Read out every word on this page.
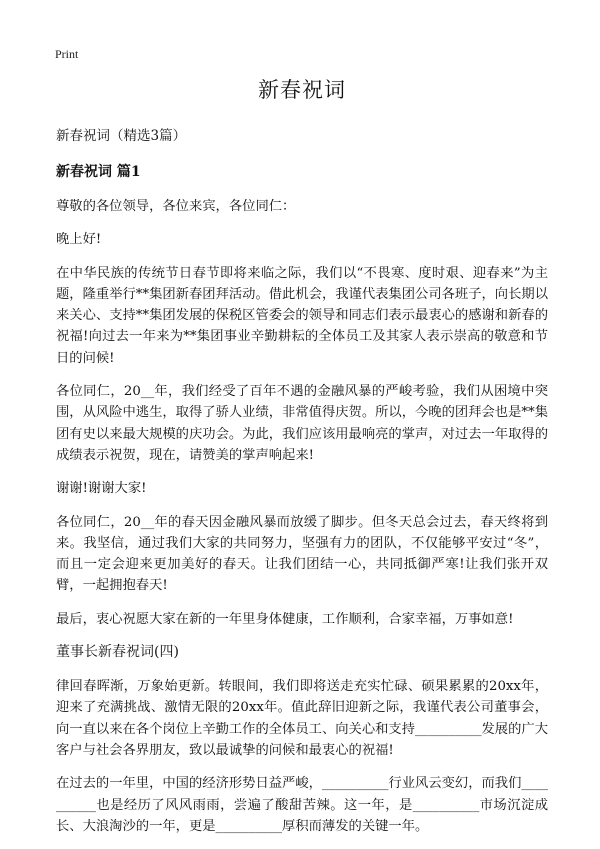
Print
新春祝词
新春祝词（精选3篇）
新春祝词 篇1

尊敬的各位领导，各位来宾，各位同仁：

晚上好!

在中华民族的传统节日春节即将来临之际，我们以“不畏寒、度时艰、迎春来”为主题，隆重举行**集团新春团拜活动。借此机会，我谨代表集团公司各班子，向长期以来关心、支持**集团发展的保税区管委会的领导和同志们表示最衷心的感谢和新春的祝福!向过去一年来为**集团事业辛勤耕耘的全体员工及其家人表示崇高的敬意和节日的问候!

各位同仁，20__年，我们经受了百年不遇的金融风暴的严峻考验，我们从困境中突围，从风险中逃生，取得了骄人业绩，非常值得庆贺。所以，今晚的团拜会也是**集团有史以来最大规模的庆功会。为此，我们应该用最响亮的掌声，对过去一年取得的成绩表示祝贺，现在，请赞美的掌声响起来!

谢谢!谢谢大家!

各位同仁，20__年的春天因金融风暴而放缓了脚步。但冬天总会过去，春天终将到来。我坚信，通过我们大家的共同努力，坚强有力的团队，不仅能够平安过“冬”，而且一定会迎来更加美好的春天。让我们团结一心，共同抵御严寒!让我们张开双臂，一起拥抱春天!

最后，衷心祝愿大家在新的一年里身体健康，工作顺利，合家幸福，万事如意!

董事长新春祝词(四)

律回春晖渐，万象始更新。转眼间，我们即将送走充实忙碌、硕果累累的20xx年，迎来了充满挑战、激情无限的20xx年。值此辞旧迎新之际，我谨代表公司董事会，向一直以来在各个岗位上辛勤工作的全体员工、向关心和支持__________发展的广大客户与社会各界朋友，致以最诚挚的问候和最衷心的祝福!

在过去的一年里，中国的经济形势日益严峻，__________行业风云变幻，而我们__________也是经历了风风雨雨，尝遍了酸甜苦辣。这一年，是__________市场沉淀成长、大浪淘沙的一年，更是__________厚积而薄发的关键一年。
